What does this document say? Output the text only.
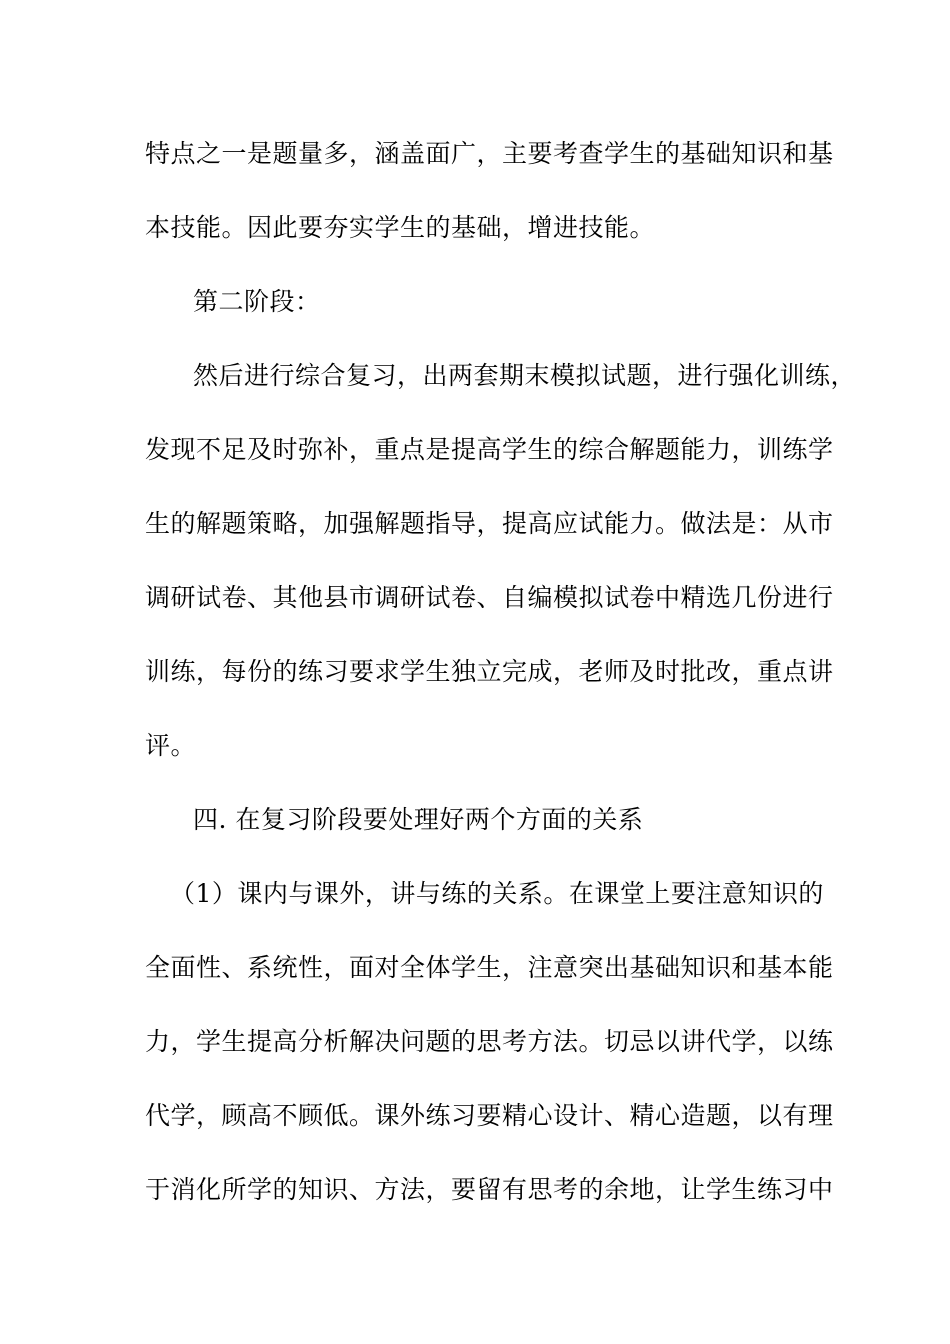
特点之一是题量多，涵盖面广，主要考查学生的基础知识和基
本技能。因此要夯实学生的基础，增进技能。
第二阶段：
然后进行综合复习，出两套期末模拟试题，进行强化训练，
发现不足及时弥补，重点是提高学生的综合解题能力，训练学
生的解题策略，加强解题指导，提高应试能力。做法是：从市
调研试卷、其他县市调研试卷、自编模拟试卷中精选几份进行
训练，每份的练习要求学生独立完成，老师及时批改，重点讲
评。
四. 在复习阶段要处理好两个方面的关系
（1）课内与课外，讲与练的关系。在课堂上要注意知识的
全面性、系统性，面对全体学生，注意突出基础知识和基本能
力，学生提高分析解决问题的思考方法。切忌以讲代学，以练
代学，顾高不顾低。课外练习要精心设计、精心造题，以有理
于消化所学的知识、方法，要留有思考的余地，让学生练习中
